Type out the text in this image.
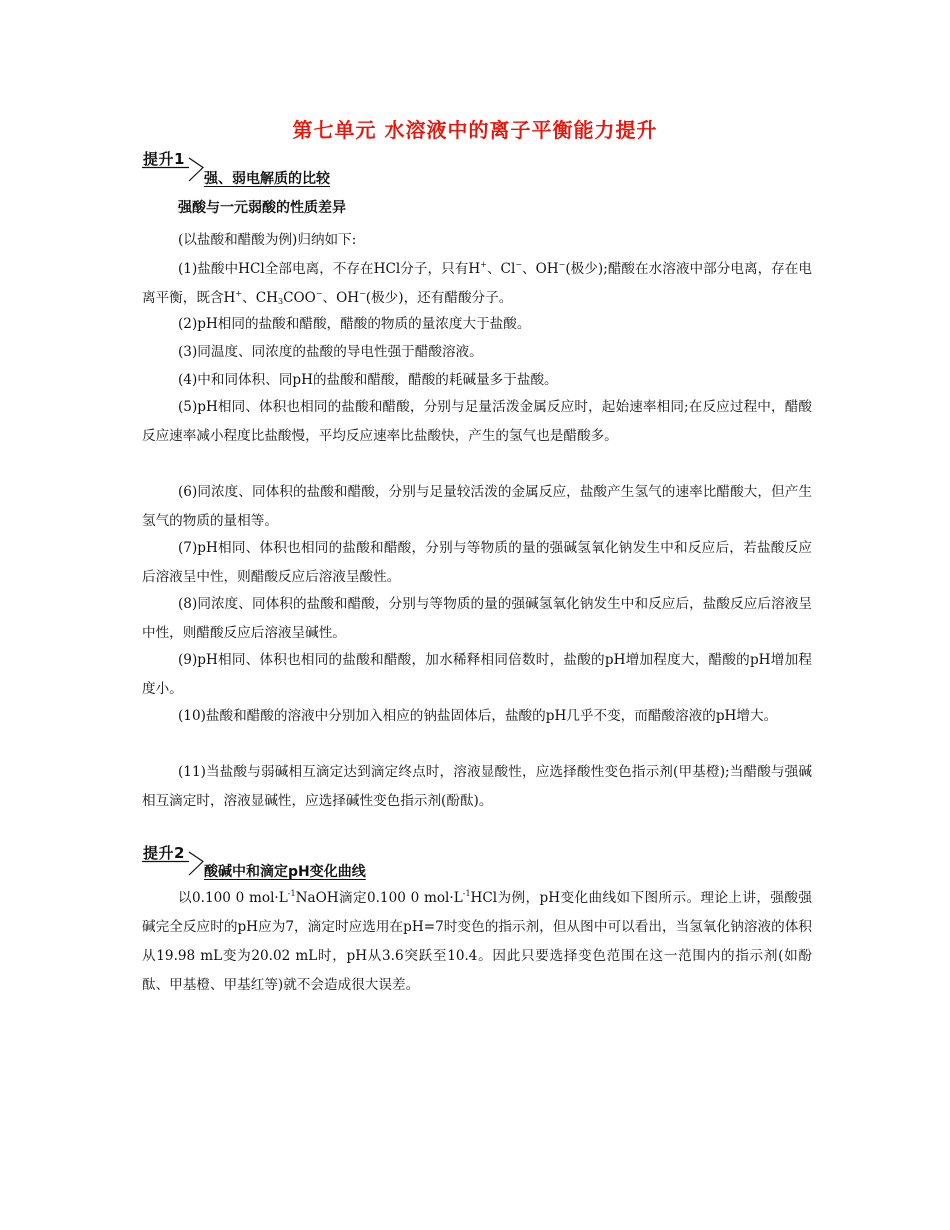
第七单元 水溶液中的离子平衡能力提升
提升1
强、弱电解质的比较
强酸与一元弱酸的性质差异

(以盐酸和醋酸为例)归纳如下:

(1)盐酸中HCl全部电离，不存在HCl分子，只有H+、Cl−、OH−(极少);醋酸在水溶液中部分电离，存在电离平衡，既含H+、$CH_3COO^-$、OH−(极少)，还有醋酸分子。

(2)pH相同的盐酸和醋酸，醋酸的物质的量浓度大于盐酸。

(3)同温度、同浓度的盐酸的导电性强于醋酸溶液。

(4)中和同体积、同pH的盐酸和醋酸，醋酸的耗碱量多于盐酸。

(5)pH相同、体积也相同的盐酸和醋酸，分别与足量活泼金属反应时，起始速率相同;在反应过程中，醋酸反应速率减小程度比盐酸慢，平均反应速率比盐酸快，产生的氢气也是醋酸多。

(6)同浓度、同体积的盐酸和醋酸，分别与足量较活泼的金属反应，盐酸产生氢气的速率比醋酸大，但产生氢气的物质的量相等。

(7)pH相同、体积也相同的盐酸和醋酸，分别与等物质的量的强碱氢氧化钠发生中和反应后，若盐酸反应后溶液呈中性，则醋酸反应后溶液呈酸性。

(8)同浓度、同体积的盐酸和醋酸，分别与等物质的量的强碱氢氧化钠发生中和反应后，盐酸反应后溶液呈中性，则醋酸反应后溶液呈碱性。

(9)pH相同、体积也相同的盐酸和醋酸，加水稀释相同倍数时，盐酸的pH增加程度大，醋酸的pH增加程度小。

(10)盐酸和醋酸的溶液中分别加入相应的钠盐固体后，盐酸的pH几乎不变，而醋酸溶液的pH增大。

(11)当盐酸与弱碱相互滴定达到滴定终点时，溶液显酸性，应选择酸性变色指示剂(甲基橙);当醋酸与强碱相互滴定时，溶液显碱性，应选择碱性变色指示剂(酚酞)。

提升2
酸碱中和滴定pH变化曲线

以0.100 0 $mol\cdot L^{-1}NaOH$滴定0.100 0 $mol\cdot L^{-1}HCl$为例，pH变化曲线如下图所示。理论上讲，强酸强碱完全反应时的pH应为7，滴定时应选用在pH=7时变色的指示剂，但从图中可以看出，当氢氧化钠溶液的体积从19.98 mL变为20.02 mL时，pH从3.6突跃至10.4。因此只要选择变色范围在这一范围内的指示剂(如酚酞、甲基橙、甲基红等)就不会造成很大误差。
